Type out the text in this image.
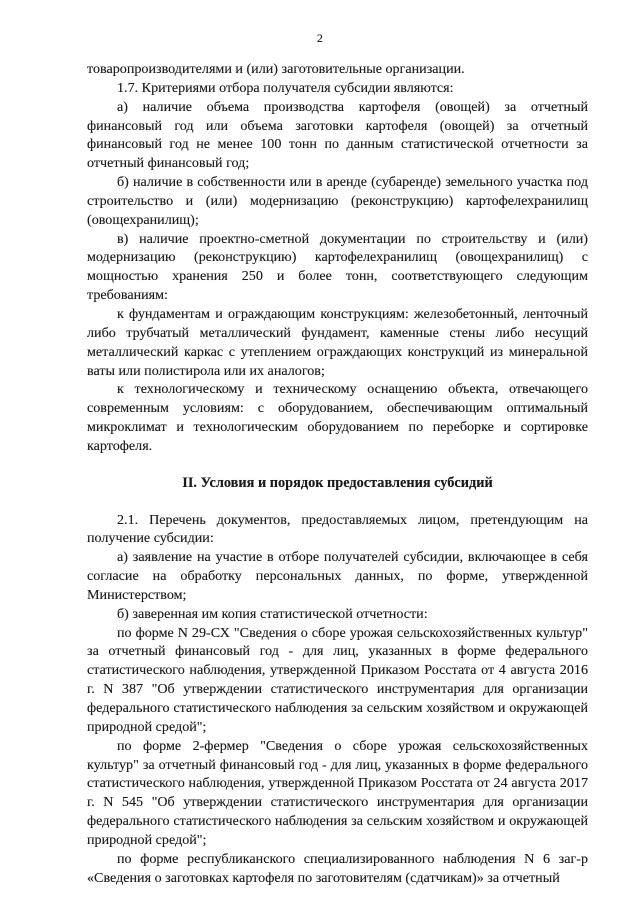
2

товаропроизводителями и (или) заготовительные организации.

1.7. Критериями отбора получателя субсидии являются:

а) наличие объема производства картофеля (овощей) за отчетный финансовый год или объема заготовки картофеля (овощей) за отчетный финансовый год не менее 100 тонн по данным статистической отчетности за отчетный финансовый год;

б) наличие в собственности или в аренде (субаренде) земельного участка под строительство и (или) модернизацию (реконструкцию) картофелехранилищ (овощехранилищ);

в) наличие проектно-сметной документации по строительству и (или) модернизацию (реконструкцию) картофелехранилищ (овощехранилищ) с мощностью хранения 250 и более тонн, соответствующего следующим требованиям:

к фундаментам и ограждающим конструкциям: железобетонный, ленточный либо трубчатый металлический фундамент, каменные стены либо несущий металлический каркас с утеплением ограждающих конструкций из минеральной ваты или полистирола или их аналогов;

к технологическому и техническому оснащению объекта, отвечающего современным условиям: с оборудованием, обеспечивающим оптимальный микроклимат и технологическим оборудованием по переборке и сортировке картофеля.

II. Условия и порядок предоставления субсидий

2.1. Перечень документов, предоставляемых лицом, претендующим на получение субсидии:

а) заявление на участие в отборе получателей субсидии, включающее в себя согласие на обработку персональных данных, по форме, утвержденной Министерством;

б) заверенная им копия статистической отчетности:

по форме N 29-СХ "Сведения о сборе урожая сельскохозяйственных культур" за отчетный финансовый год - для лиц, указанных в форме федерального статистического наблюдения, утвержденной Приказом Росстата от 4 августа 2016 г. N 387 "Об утверждении статистического инструментария для организации федерального статистического наблюдения за сельским хозяйством и окружающей природной средой";

по форме 2-фермер "Сведения о сборе урожая сельскохозяйственных культур" за отчетный финансовый год - для лиц, указанных в форме федерального статистического наблюдения, утвержденной Приказом Росстата от 24 августа 2017 г. N 545 "Об утверждении статистического инструментария для организации федерального статистического наблюдения за сельским хозяйством и окружающей природной средой";

по форме республиканского специализированного наблюдения N 6 заг-р «Сведения о заготовках картофеля по заготовителям (сдатчикам)» за отчетный
